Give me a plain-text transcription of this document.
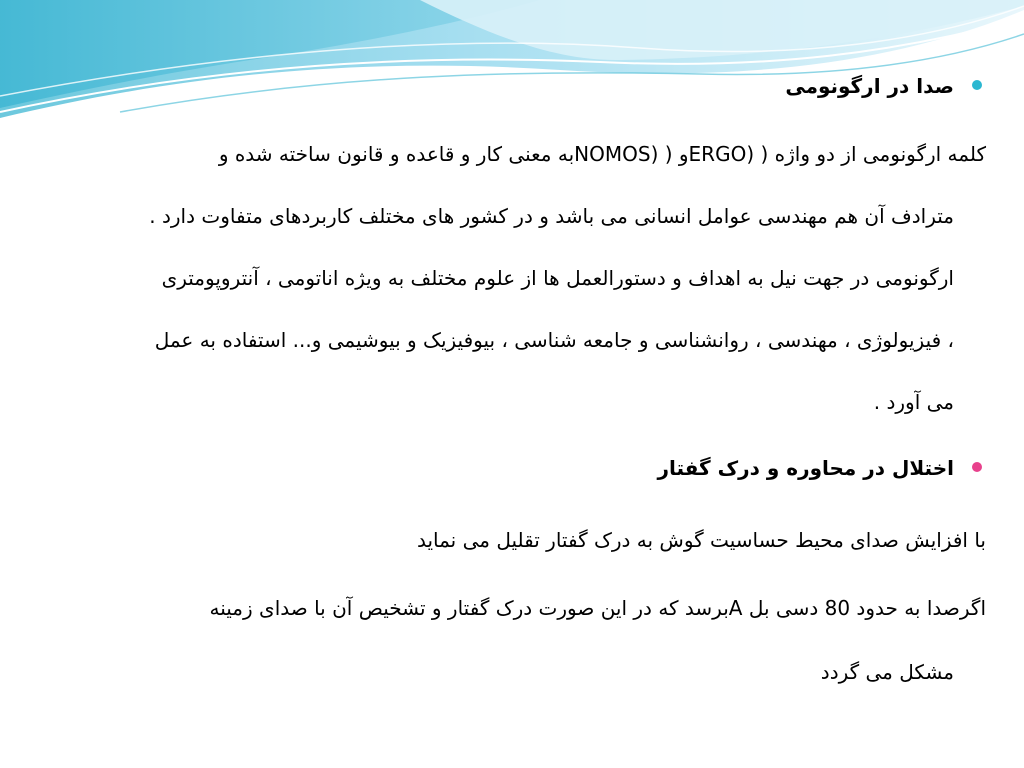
صدا در ارگونومی
کلمه ارگونومی از دو واژه ( (ERGOو ( (NOMOSبه معنی کار و قاعده و قانون ساخته شده و
مترادف آن هم مهندسی عوامل انسانی می باشد و در کشور های مختلف کاربردهای متفاوت دارد .
ارگونومی در جهت نیل به اهداف و دستورالعمل ها از علوم مختلف به ویژه اناتومی ، آنتروپومتری
، فیزیولوژی ، مهندسی ، روانشناسی و جامعه شناسی ، بیوفیزیک و بیوشیمی و... استفاده به عمل
می آورد .
اختلال در محاوره و درک گفتار
با افزایش صدای محیط حساسیت گوش به درک گفتار تقلیل می نماید
اگرصدا به حدود 80 دسی بل Aبرسد که در این صورت درک گفتار و تشخیص آن با صدای زمینه
مشکل می گردد
